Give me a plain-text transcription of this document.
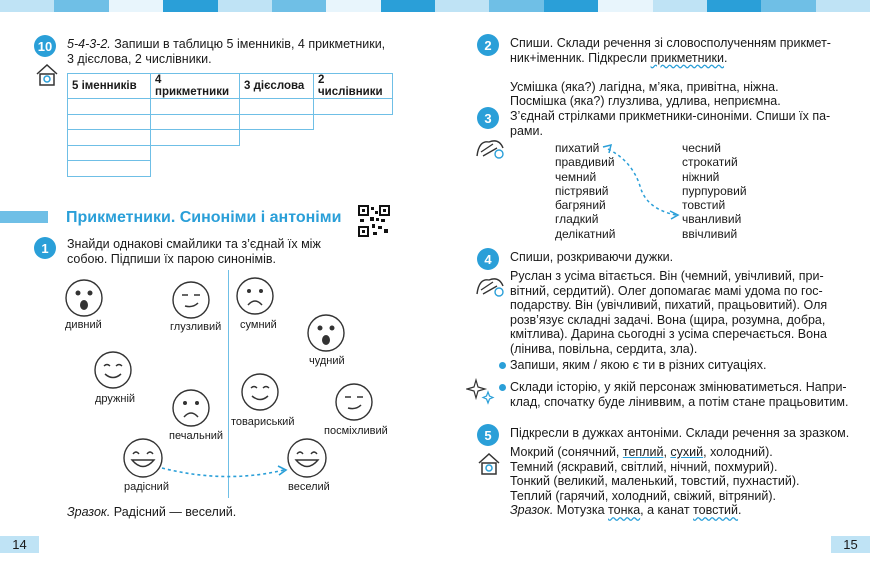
10	5-4-3-2. Запиши в таблицю 5 іменників, 4 прикметники,
3 дієслова, 2 числівники.
5 іменників	4 прикметники	3 дієслова	2 числівники

Прикметники. Синоніми і антоніми
1	Знайди однакові смайлики та з’єднай їх між
собою. Підпиши їх парою синонімів.
дивний	глузливий сумний
чудний
дружній
печальний
товариський
посміхливий
радісний	веселий
Зразок. Радісний — веселий.
14
2	Спиши. Склади речення зі словосполученням прикмет-
ник+іменник. Підкресли прикметники.

Усмішка (яка?) лагідна, м’яка, привітна, ніжна.
Посмішка (яка?) глузлива, удлива, неприємна.
3	З’єднай стрілками прикметники-синоніми. Спиши їх па-
рами.
пихатий
правдивий
чемний
пістрявий
багряний
гладкий
делікатний
чесний
строкатий
ніжний
пурпуровий
товстий
чванливий
ввічливий
4	Спиши, розкриваючи дужки.
Руслан з усіма вітається. Він (чемний, увічливий, при-
вітний, сердитий). Олег допомагає мамі удома по гос-
подарству. Він (увічливий, пихатий, працьовитий). Оля
розв’язує складні задачі. Вона (щира, розумна, добра,
кмітлива). Дарина сьогодні з усіма сперечається. Вона
(лінива, повільна, сердита, зла).
Запиши, яким / якою є ти в різних ситуаціях.
Склади історію, у якій персонаж змінюватиметься. Напри-
клад, спочатку буде ліниввим, а потім стане працьовитим.
5	Підкресли в дужках антоніми. Склади речення за зразком.
Мокрий (сонячний, теплий, сухий, холодний).
Темний (яскравий, світлий, нічний, похмурий).
Тонкий (великий, маленький, товстий, пухнастий).
Теплий (гарячий, холодний, свіжий, вітряний).
Зразок. Мотузка тонка, а канат товстий.
15
